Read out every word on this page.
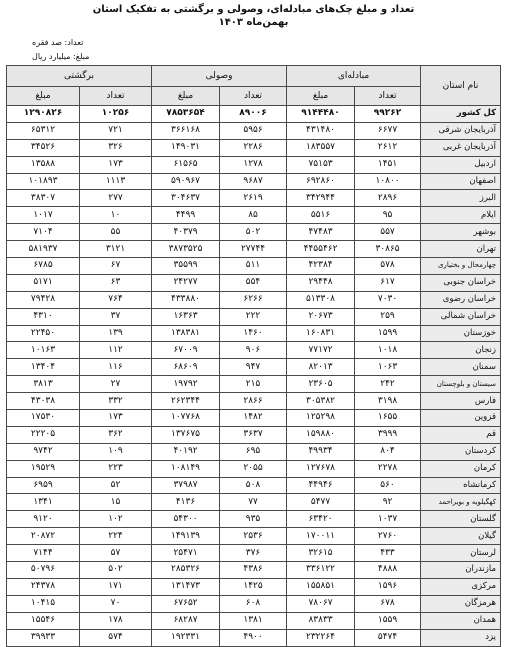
تعداد و مبلغ چک‌های مبادله‌ای، وصولی و برگشتی به تفکیک استان
بهمن‌ماه ۱۴۰۳
تعداد: صد فقره
مبلغ: میلیارد ریال
نام استان	مبادله‌ای		وصولی		برگشتی	
	تعداد	مبلغ	تعداد	مبلغ	تعداد	مبلغ
کل کشور	۹۹۲۶۲	۹۱۴۴۴۸۰	۸۹۰۰۶	۷۸۵۳۶۵۴	۱۰۲۵۶	۱۲۹۰۸۲۶
آذربایجان شرقی	۶۶۷۷	۴۳۱۴۸۰	۵۹۵۶	۳۶۶۱۶۸	۷۲۱	۶۵۳۱۲
آذربایجان غربی	۲۶۱۲	۱۸۳۵۵۷	۲۲۸۶	۱۴۹۰۳۱	۳۲۶	۳۴۵۲۶
اردبیل	۱۴۵۱	۷۵۱۵۳	۱۲۷۸	۶۱۵۶۵	۱۷۳	۱۳۵۸۸
اصفهان	۱۰۸۰۰	۶۹۲۸۶۰	۹۶۸۷	۵۹۰۹۶۷	۱۱۱۳	۱۰۱۸۹۳
البرز	۲۸۹۶	۳۴۲۹۴۴	۲۶۱۹	۳۰۴۶۳۷	۲۷۷	۳۸۳۰۷
ایلام	۹۵	۵۵۱۶	۸۵	۴۴۹۹	۱۰	۱۰۱۷
بوشهر	۵۵۷	۴۷۴۸۳	۵۰۲	۴۰۳۷۹	۵۵	۷۱۰۴
تهران	۳۰۸۶۵	۴۴۵۵۴۶۲	۲۷۷۴۴	۳۸۷۳۵۲۵	۳۱۲۱	۵۸۱۹۳۷
چهارمحال و بختیاری	۵۷۸	۴۲۳۸۴	۵۱۱	۳۵۵۹۹	۶۷	۶۷۸۵
خراسان جنوبی	۶۱۷	۲۹۴۴۸	۵۵۴	۲۴۲۷۷	۶۳	۵۱۷۱
خراسان رضوی	۷۰۳۰	۵۱۳۳۰۸	۶۲۶۶	۴۳۳۸۸۰	۷۶۴	۷۹۴۲۸
خراسان شمالی	۲۵۹	۲۰۶۷۳	۲۲۲	۱۶۳۶۳	۳۷	۴۳۱۰
خوزستان	۱۵۹۹	۱۶۰۸۳۱	۱۴۶۰	۱۳۸۳۸۱	۱۳۹	۲۲۴۵۰
زنجان	۱۰۱۸	۷۷۱۷۲	۹۰۶	۶۷۰۰۹	۱۱۲	۱۰۱۶۳
سمنان	۱۰۶۳	۸۲۰۱۳	۹۴۷	۶۸۶۰۹	۱۱۶	۱۳۴۰۴
سیستان و بلوچستان	۲۴۲	۲۳۶۰۵	۲۱۵	۱۹۷۹۲	۲۷	۳۸۱۳
فارس	۳۱۹۸	۳۰۵۳۸۲	۲۸۶۶	۲۶۲۳۴۴	۳۳۲	۴۳۰۳۸
قزوین	۱۶۵۵	۱۲۵۲۹۸	۱۴۸۲	۱۰۷۷۶۸	۱۷۳	۱۷۵۳۰
قم	۳۹۹۹	۱۵۹۸۸۰	۳۶۳۷	۱۳۷۶۷۵	۳۶۲	۲۲۲۰۵
کردستان	۸۰۴	۴۹۹۳۴	۶۹۵	۴۰۱۹۲	۱۰۹	۹۷۴۲
کرمان	۲۲۷۸	۱۲۷۶۷۸	۲۰۵۵	۱۰۸۱۴۹	۲۲۳	۱۹۵۲۹
کرمانشاه	۵۶۰	۴۴۹۴۶	۵۰۸	۳۷۹۸۷	۵۲	۶۹۵۹
کهگیلویه و بویراحمد	۹۲	۵۴۷۷	۷۷	۴۱۳۶	۱۵	۱۳۴۱
گلستان	۱۰۳۷	۶۳۴۲۰	۹۳۵	۵۴۳۰۰	۱۰۲	۹۱۲۰
گیلان	۲۷۶۰	۱۷۰۰۱۱	۲۵۳۶	۱۴۹۱۳۹	۲۲۴	۲۰۸۷۲
لرستان	۴۳۳	۳۲۶۱۵	۳۷۶	۲۵۴۷۱	۵۷	۷۱۴۴
مازندران	۴۸۸۸	۳۳۶۱۲۲	۴۳۸۶	۲۸۵۳۲۶	۵۰۲	۵۰۷۹۶
مرکزی	۱۵۹۶	۱۵۵۸۵۱	۱۴۲۵	۱۳۱۴۷۳	۱۷۱	۲۴۳۷۸
هرمزگان	۶۷۸	۷۸۰۶۷	۶۰۸	۶۷۶۵۲	۷۰	۱۰۴۱۵
همدان	۱۵۵۹	۸۳۸۳۳	۱۳۸۱	۶۸۲۸۷	۱۷۸	۱۵۵۴۶
یزد	۵۴۷۴	۲۳۲۲۶۴	۴۹۰۰	۱۹۲۳۳۱	۵۷۴	۳۹۹۳۳
